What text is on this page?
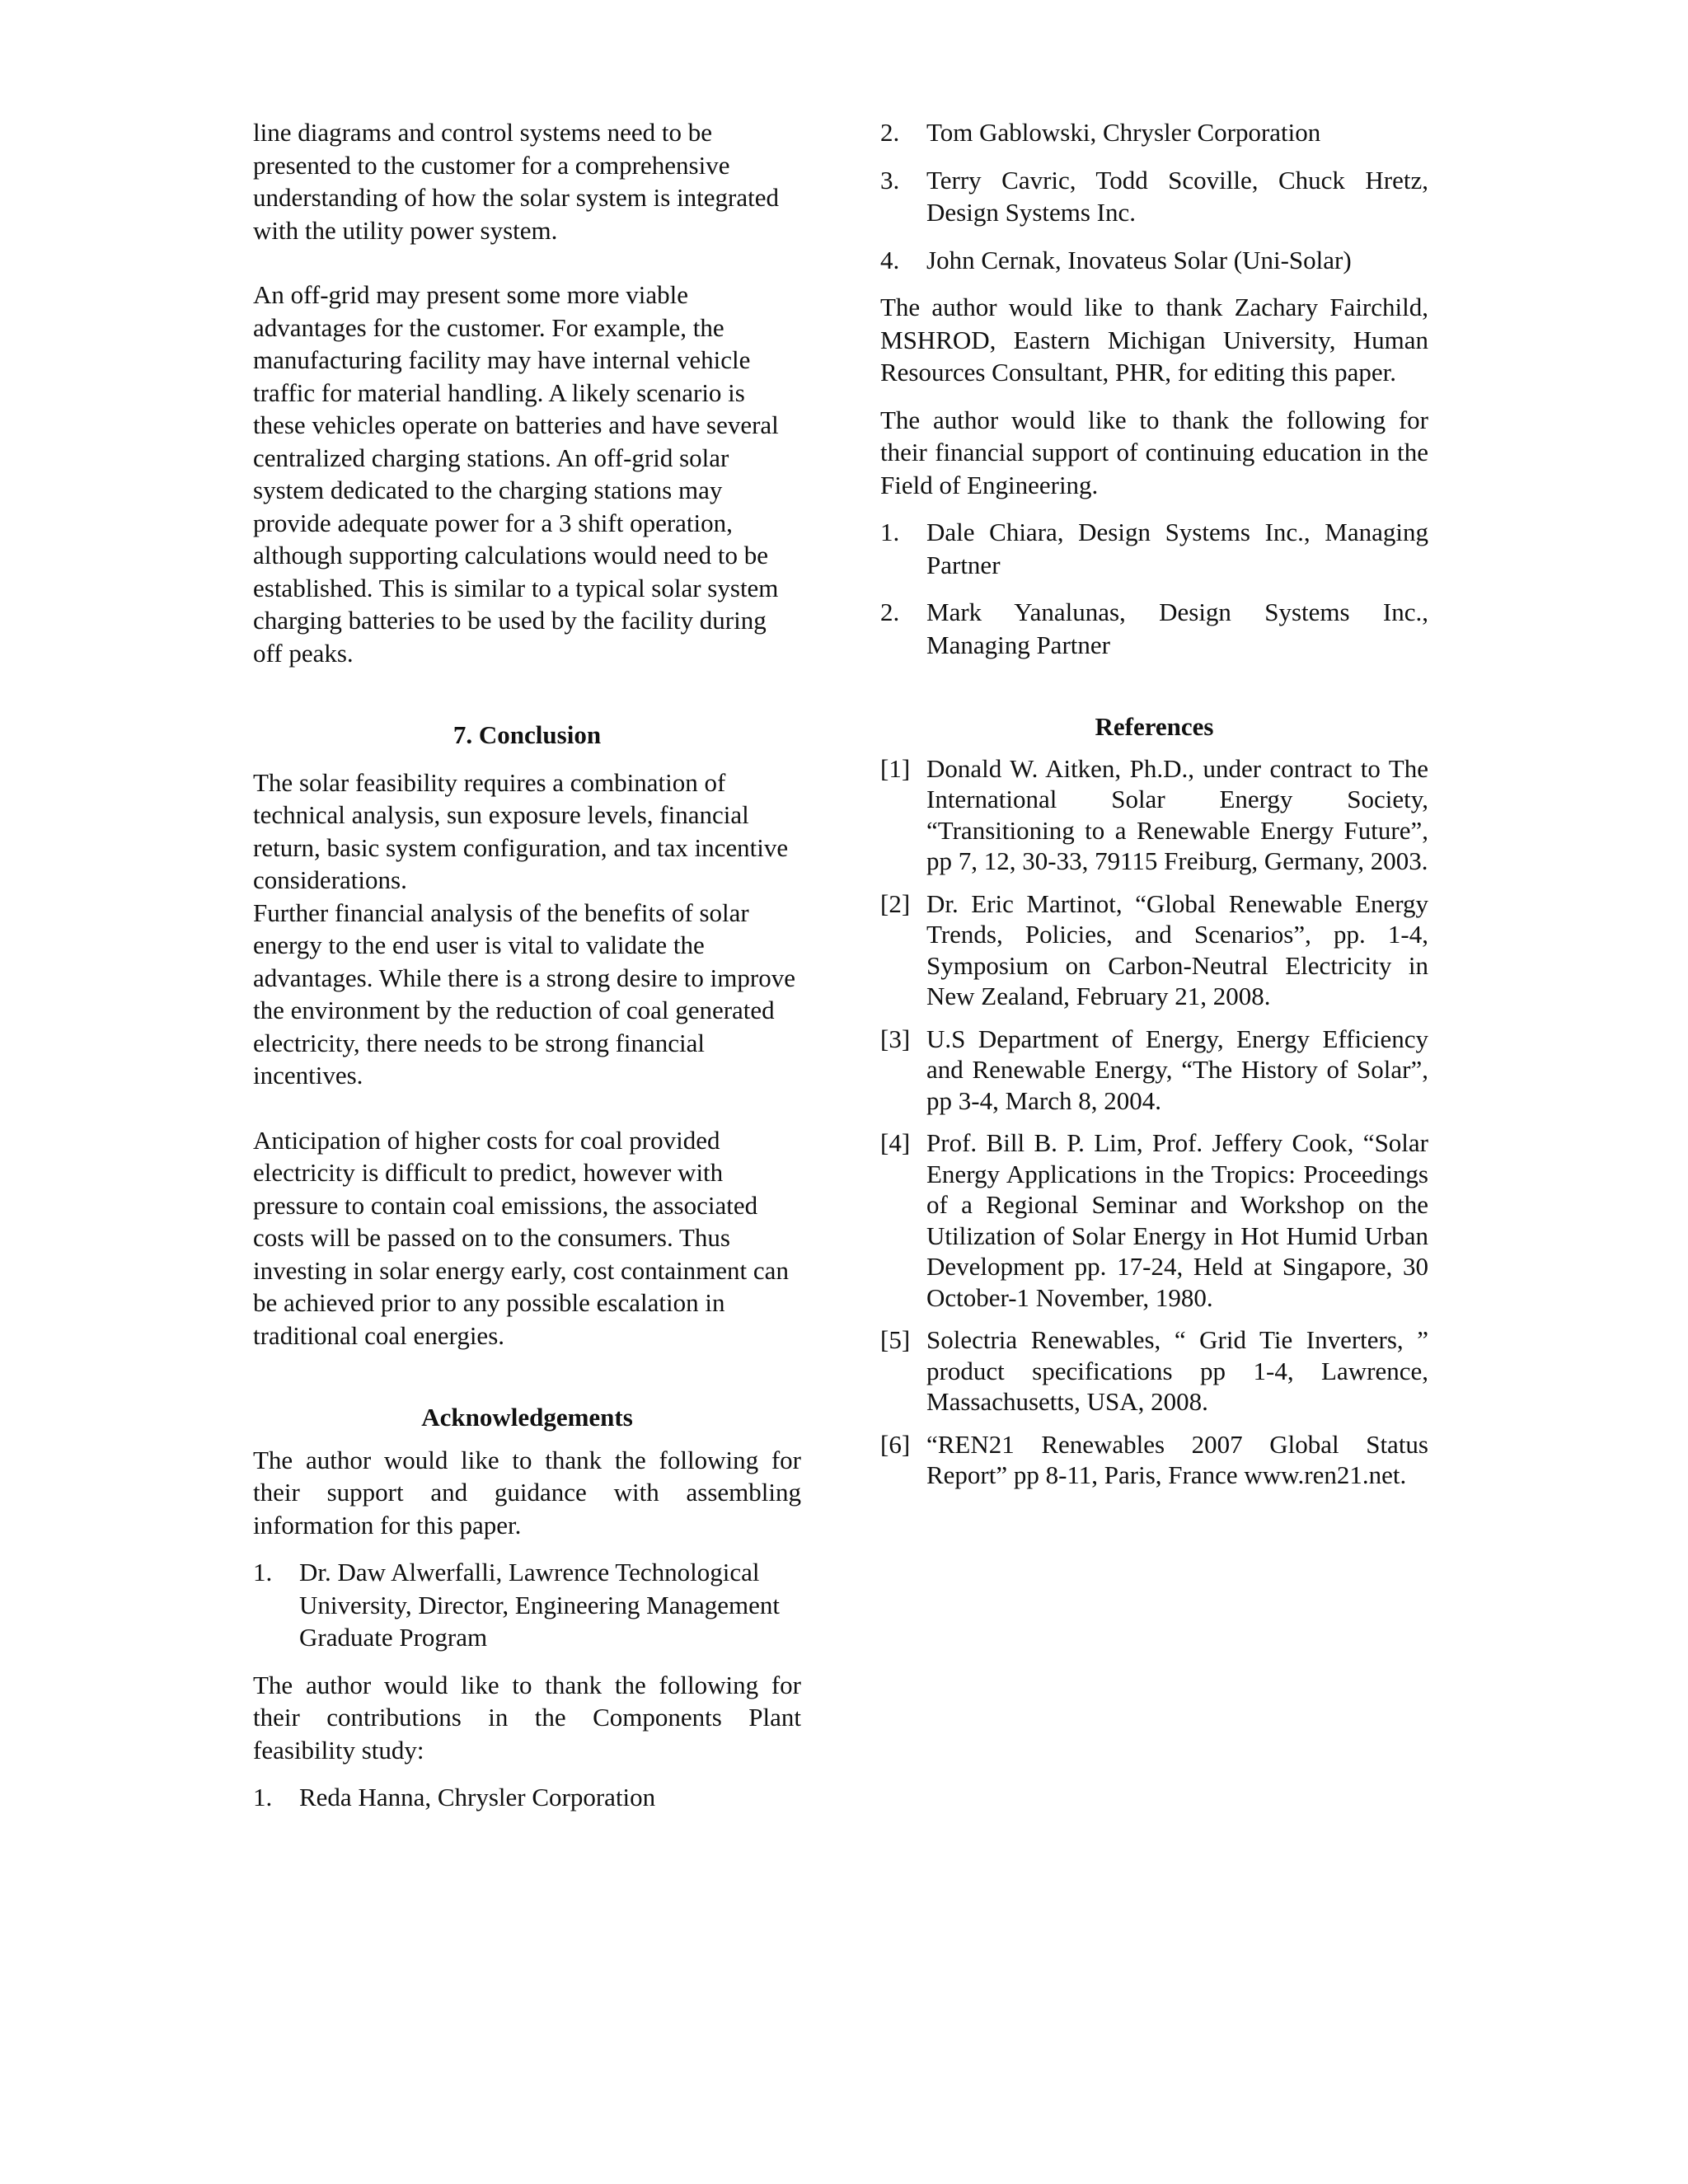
line diagrams and control systems need to be presented to the customer for a comprehensive understanding of how the solar system is integrated with the utility power system.

An off-grid may present some more viable advantages for the customer. For example, the manufacturing facility may have internal vehicle traffic for material handling. A likely scenario is these vehicles operate on batteries and have several centralized charging stations. An off-grid solar system dedicated to the charging stations may provide adequate power for a 3 shift operation, although supporting calculations would need to be established. This is similar to a typical solar system charging batteries to be used by the facility during off peaks.

7. Conclusion

The solar feasibility requires a combination of technical analysis, sun exposure levels, financial return, basic system configuration, and tax incentive considerations.

Further financial analysis of the benefits of solar energy to the end user is vital to validate the advantages. While there is a strong desire to improve the environment by the reduction of coal generated electricity, there needs to be strong financial incentives.

Anticipation of higher costs for coal provided electricity is difficult to predict, however with pressure to contain coal emissions, the associated costs will be passed on to the consumers. Thus investing in solar energy early, cost containment can be achieved prior to any possible escalation in traditional coal energies.

Acknowledgements

The author would like to thank the following for their support and guidance with assembling information for this paper.

1.	Dr. Daw Alwerfalli, Lawrence Technological University, Director, Engineering Management Graduate Program

The author would like to thank the following for their contributions in the Components Plant feasibility study:

1.	Reda Hanna, Chrysler Corporation
2.	Tom Gablowski, Chrysler Corporation
3.	Terry Cavric, Todd Scoville, Chuck Hretz, Design Systems Inc.
4.	John Cernak, Inovateus Solar (Uni-Solar)

The author would like to thank Zachary Fairchild, MSHROD, Eastern Michigan University, Human Resources Consultant, PHR, for editing this paper.

The author would like to thank the following for their financial support of continuing education in the Field of Engineering.

1.	Dale Chiara, Design Systems Inc., Managing Partner
2.	Mark Yanalunas, Design Systems Inc., Managing Partner
References
[1] Donald W. Aitken, Ph.D., under contract to The International Solar Energy Society, “Transitioning to a Renewable Energy Future”, pp 7, 12, 30-33, 79115 Freiburg, Germany, 2003.
[2] Dr. Eric Martinot, “Global Renewable Energy Trends, Policies, and Scenarios”, pp. 1-4, Symposium on Carbon-Neutral Electricity in New Zealand, February 21, 2008.
[3] U.S Department of Energy, Energy Efficiency and Renewable Energy, “The History of Solar”, pp 3-4, March 8, 2004.
[4] Prof. Bill B. P. Lim, Prof. Jeffery Cook, “Solar Energy Applications in the Tropics: Proceedings of a Regional Seminar and Workshop on the Utilization of Solar Energy in Hot Humid Urban Development pp. 17-24, Held at Singapore, 30 October-1 November, 1980.
[5] Solectria Renewables, “ Grid Tie Inverters, ” product specifications pp 1-4, Lawrence, Massachusetts, USA, 2008.
[6] “REN21 Renewables 2007 Global Status Report” pp 8-11, Paris, France www.ren21.net.
